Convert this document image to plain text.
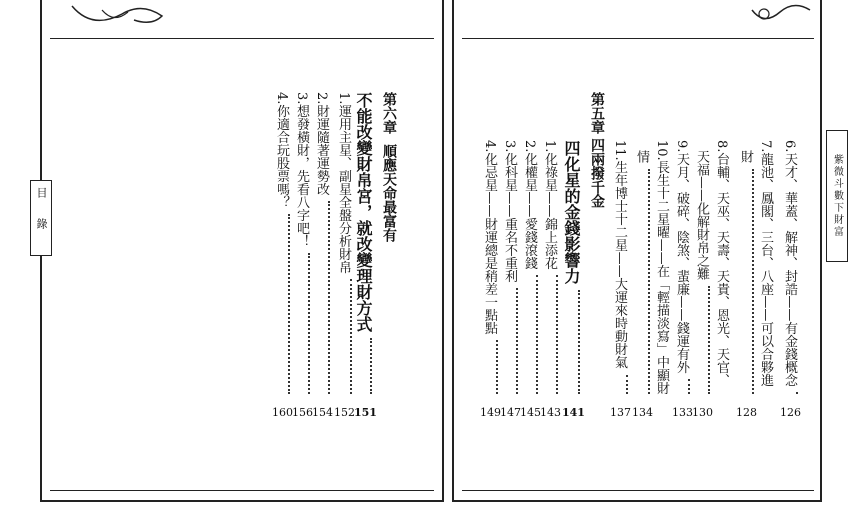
目錄	紫微斗數下財富
第六章
順應天命最富有
不能改變財帛宮，就改變理財方式
151
1.運用主星、副星全盤分析財帛
152
2.財運隨著運勢改
154
3.想發橫財，先看八字吧！
156
4.你適合玩股票嗎？
160
6.天才、華蓋、解神、封誥——有金錢概念
126
7.龍池、鳳閣、三台、八座——可以合夥進
財
128
8.台輔、天巫、天壽、天貴、恩光、天官、
天福——化解財帛之難
130
9.天月、破碎、陰煞、蜚廉——錢運有外
133
10.長生十二星曜——在「輕描淡寫」中顯財
情
134
11.生年博士十二星——大運來時動財氣
137
第五章
四兩撥千金
四化星的金錢影響力
141
1.化祿星——錦上添花
143
2.化權星——愛錢滾錢
145
3.化科星——重名不重利
147
4.化忌星——財運總是稍差一點點
149
